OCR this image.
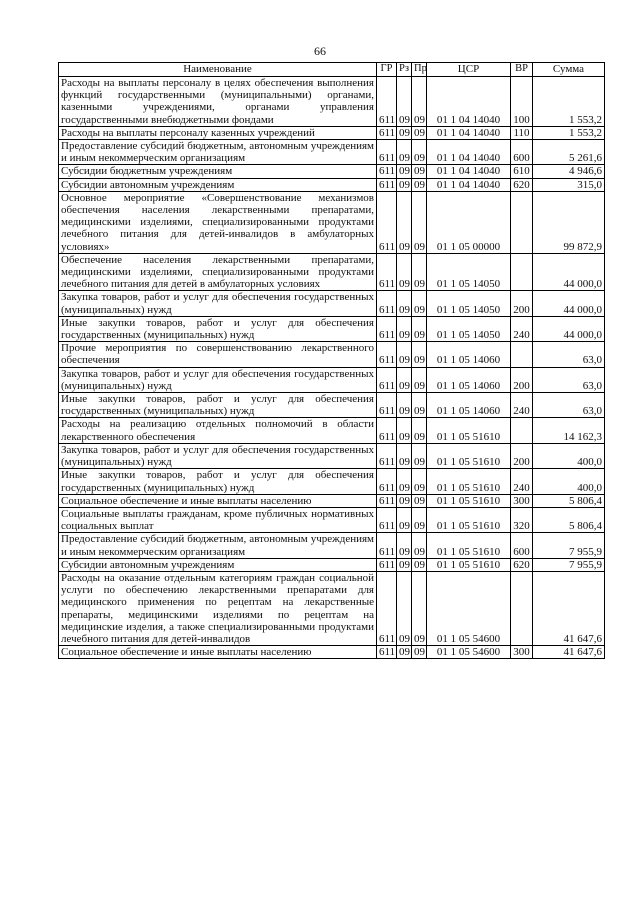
66
Наименование	ГР	Рз	Пр	ЦСР	ВР	Сумма
Расходы на выплаты персоналу в целях обеспечения выполнения функций государственными (муниципальными) органами, казенными учреждениями, органами управления государственными внебюджетными фондами	611	09	09	01 1 04 14040	100	1 553,2
Расходы на выплаты персоналу казенных учреждений	611	09	09	01 1 04 14040	110	1 553,2
Предоставление субсидий бюджетным, автономным учреждениям и иным некоммерческим организациям	611	09	09	01 1 04 14040	600	5 261,6
Субсидии бюджетным учреждениям	611	09	09	01 1 04 14040	610	4 946,6
Субсидии автономным учреждениям	611	09	09	01 1 04 14040	620	315,0
Основное мероприятие «Совершенствование механизмов обеспечения населения лекарственными препаратами, медицинскими изделиями, специализированными продуктами лечебного питания для детей-инвалидов в амбулаторных условиях»	611	09	09	01 1 05 00000		99 872,9
Обеспечение населения лекарственными препаратами, медицинскими изделиями, специализированными продуктами лечебного питания для детей в амбулаторных условиях	611	09	09	01 1 05 14050		44 000,0
Закупка товаров, работ и услуг для обеспечения государственных (муниципальных) нужд	611	09	09	01 1 05 14050	200	44 000,0
Иные закупки товаров, работ и услуг для обеспечения государственных (муниципальных) нужд	611	09	09	01 1 05 14050	240	44 000,0
Прочие мероприятия по совершенствованию лекарственного обеспечения	611	09	09	01 1 05 14060		63,0
Закупка товаров, работ и услуг для обеспечения государственных (муниципальных) нужд	611	09	09	01 1 05 14060	200	63,0
Иные закупки товаров, работ и услуг для обеспечения государственных (муниципальных) нужд	611	09	09	01 1 05 14060	240	63,0
Расходы на реализацию отдельных полномочий в области лекарственного обеспечения	611	09	09	01 1 05 51610		14 162,3
Закупка товаров, работ и услуг для обеспечения государственных (муниципальных) нужд	611	09	09	01 1 05 51610	200	400,0
Иные закупки товаров, работ и услуг для обеспечения государственных (муниципальных) нужд	611	09	09	01 1 05 51610	240	400,0
Социальное обеспечение и иные выплаты населению	611	09	09	01 1 05 51610	300	5 806,4
Социальные выплаты гражданам, кроме публичных нормативных социальных выплат	611	09	09	01 1 05 51610	320	5 806,4
Предоставление субсидий бюджетным, автономным учреждениям и иным некоммерческим организациям	611	09	09	01 1 05 51610	600	7 955,9
Субсидии автономным учреждениям	611	09	09	01 1 05 51610	620	7 955,9
Расходы на оказание отдельным категориям граждан социальной услуги по обеспечению лекарственными препаратами для медицинского применения по рецептам на лекарственные препараты, медицинскими изделиями по рецептам на медицинские изделия, а также специализированными продуктами лечебного питания для детей-инвалидов	611	09	09	01 1 05 54600		41 647,6
Социальное обеспечение и иные выплаты населению	611	09	09	01 1 05 54600	300	41 647,6
